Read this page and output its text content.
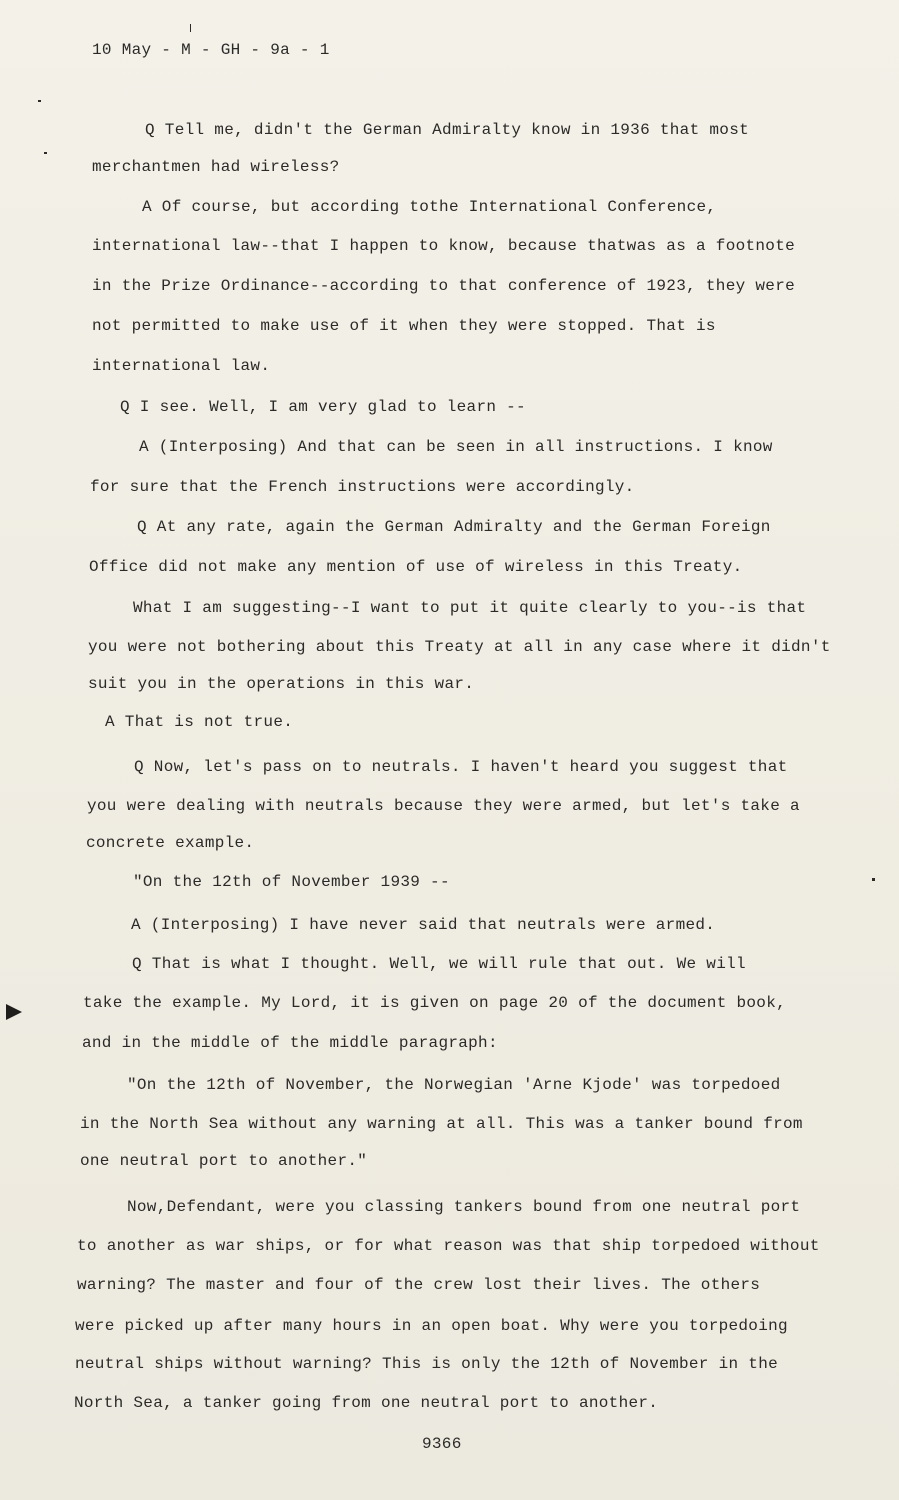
10 May - M - GH - 9a - 1
Q Tell me, didn't the German Admiralty know in 1936 that most
merchantmen had wireless?
A Of course, but according tothe International Conference,
international law--that I happen to know, because thatwas as a footnote
in the Prize Ordinance--according to that conference of 1923, they were
not permitted to make use of it when they were stopped. That is
international law.
Q I see. Well, I am very glad to learn --
A (Interposing) And that can be seen in all instructions. I know
for sure that the French instructions were accordingly.
Q At any rate, again the German Admiralty and the German Foreign
Office did not make any mention of use of wireless in this Treaty.
What I am suggesting--I want to put it quite clearly to you--is that
you were not bothering about this Treaty at all in any case where it didn't
suit you in the operations in this war.
A That is not true.
Q Now, let's pass on to neutrals. I haven't heard you suggest that
you were dealing with neutrals because they were armed, but let's take a
concrete example.
"On the 12th of November 1939 --
A (Interposing) I have never said that neutrals were armed.
Q That is what I thought. Well, we will rule that out. We will
take the example. My Lord, it is given on page 20 of the document book,
and in the middle of the middle paragraph:
"On the 12th of November, the Norwegian 'Arne Kjode' was torpedoed
in the North Sea without any warning at all. This was a tanker bound from
one neutral port to another."
Now,Defendant, were you classing tankers bound from one neutral port
to another as war ships, or for what reason was that ship torpedoed without
warning? The master and four of the crew lost their lives. The others
were picked up after many hours in an open boat. Why were you torpedoing
neutral ships without warning? This is only the 12th of November in the
North Sea, a tanker going from one neutral port to another.
9366
